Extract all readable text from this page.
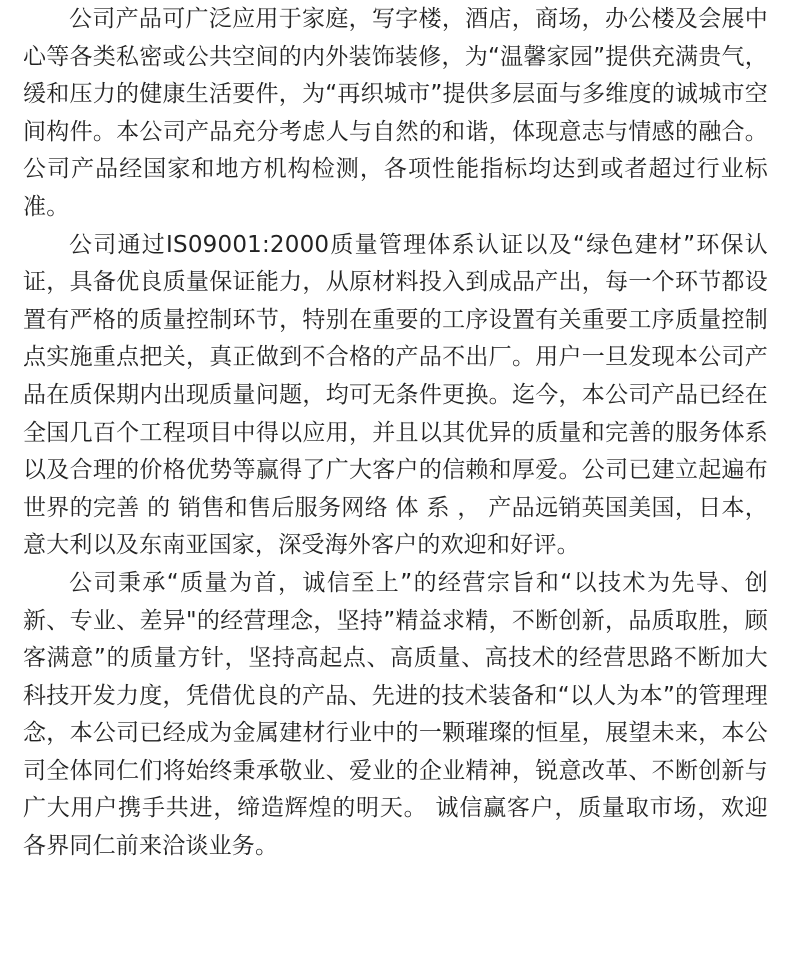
公司产品可广泛应用于家庭，写字楼，酒店，商场，办公楼及会展中心等各类私密或公共空间的内外装饰装修，为“温馨家园”提供充满贵气，缓和压力的健康生活要件，为“再织城市”提供多层面与多维度的诚城市空间构件。本公司产品充分考虑人与自然的和谐，体现意志与情感的融合。公司产品经国家和地方机构检测，各项性能指标均达到或者超过行业标准。

公司通过IS09001:2000质量管理体系认证以及“绿色建材”环保认证，具备优良质量保证能力，从原材料投入到成品产出，每一个环节都设置有严格的质量控制环节，特别在重要的工序设置有关重要工序质量控制点实施重点把关，真正做到不合格的产品不出厂。用户一旦发现本公司产品在质保期内出现质量问题，均可无条件更换。迄今，本公司产品已经在全国几百个工程项目中得以应用，并且以其优异的质量和完善的服务体系以及合理的价格优势等赢得了广大客户的信赖和厚爱。公司已建立起遍布世界的完善 的 销售和售后服务网络 体 系 ， 产品远销英国美国，日本，意大利以及东南亚国家，深受海外客户的欢迎和好评。

公司秉承“质量为首，诚信至上”的经营宗旨和“以技术为先导、创新、专业、差异"的经营理念，坚持”精益求精，不断创新，品质取胜，顾客满意”的质量方针，坚持高起点、高质量、高技术的经营思路不断加大科技开发力度，凭借优良的产品、先进的技术装备和“以人为本”的管理理念，本公司已经成为金属建材行业中的一颗璀璨的恒星，展望未来，本公司全体同仁们将始终秉承敬业、爱业的企业精神，锐意改革、不断创新与广大用户携手共进，缔造辉煌的明天。 诚信赢客户，质量取市场，欢迎各界同仁前来洽谈业务。
